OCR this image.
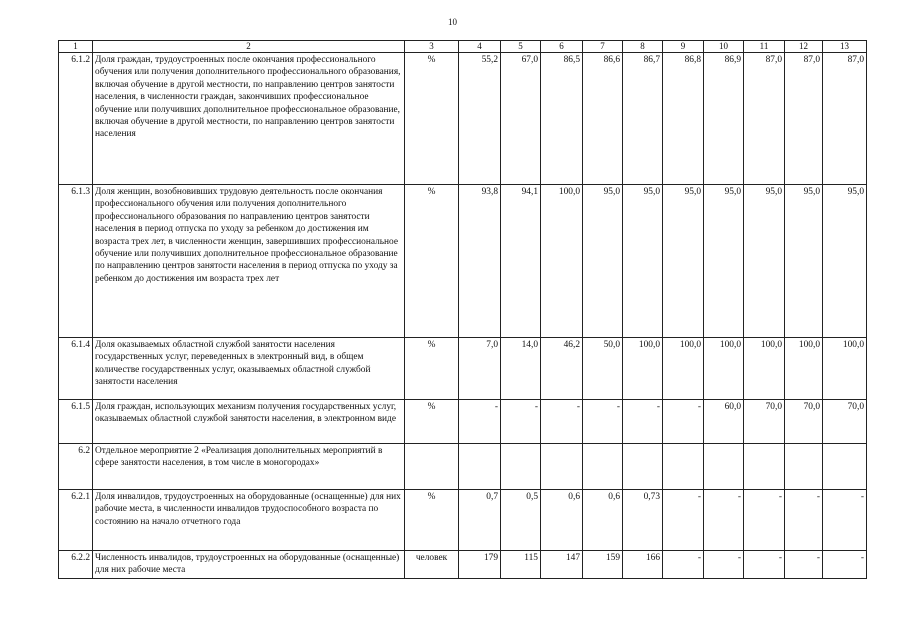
10
1	2	3	4	5	6	7	8	9	10	11	12	13
6.1.2	Доля граждан, трудоустроенных после окончания профессионального обучения или получения дополнительного профессионального образования, включая обучение в другой местности, по направлению центров занятости населения, в численности граждан, закончивших профессиональное обучение или получивших дополнительное профессиональное образование, включая обучение в другой местности, по направлению центров занятости населения	%	55,2	67,0	86,5	86,6	86,7	86,8	86,9	87,0	87,0	87,0
6.1.3	Доля женщин, возобновивших трудовую деятельность после окончания профессионального обучения или получения дополнительного профессионального образования по направлению центров занятости населения в период отпуска по уходу за ребенком до достижения им возраста трех лет, в численности женщин, завершивших профессиональное обучение или получивших дополнительное профессиональное образование по направлению центров занятости населения в период отпуска по уходу за ребенком до достижения им возраста трех лет	%	93,8	94,1	100,0	95,0	95,0	95,0	95,0	95,0	95,0	95,0
6.1.4	Доля оказываемых областной службой занятости населения государственных услуг, переведенных в электронный вид, в общем количестве государственных услуг, оказываемых областной службой занятости населения	%	7,0	14,0	46,2	50,0	100,0	100,0	100,0	100,0	100,0	100,0
6.1.5	Доля граждан, использующих механизм получения государственных услуг, оказываемых областной службой занятости населения, в электронном виде	%	-	-	-	-	-	-	60,0	70,0	70,0	70,0
6.2	Отдельное мероприятие 2 «Реализация дополнительных мероприятий в сфере занятости населения, в том числе в моногородах»											
6.2.1	Доля инвалидов, трудоустроенных на оборудованные (оснащенные) для них рабочие места, в численности инвалидов трудоспособного возраста по состоянию на начало отчетного года	%	0,7	0,5	0,6	0,6	0,73	-	-	-	-	-
6.2.2	Численность инвалидов, трудоустроенных на оборудованные (оснащенные) для них рабочие места	человек	179	115	147	159	166	-	-	-	-	-
